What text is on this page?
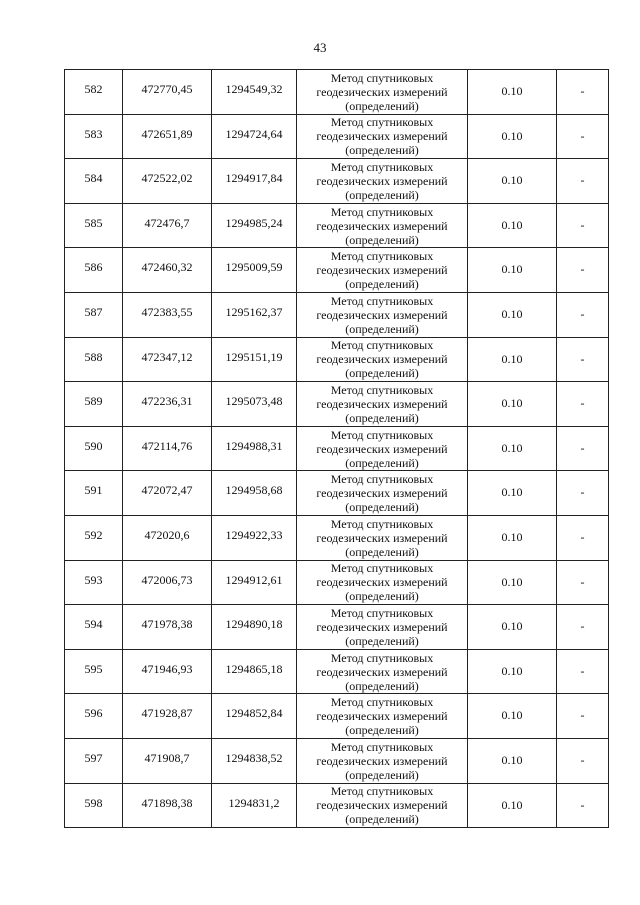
43
582	472770,45	1294549,32	Метод спутниковых
геодезических измерений
(определений)	0.10	-
583	472651,89	1294724,64	Метод спутниковых
геодезических измерений
(определений)	0.10	-
584	472522,02	1294917,84	Метод спутниковых
геодезических измерений
(определений)	0.10	-
585	472476,7	1294985,24	Метод спутниковых
геодезических измерений
(определений)	0.10	-
586	472460,32	1295009,59	Метод спутниковых
геодезических измерений
(определений)	0.10	-
587	472383,55	1295162,37	Метод спутниковых
геодезических измерений
(определений)	0.10	-
588	472347,12	1295151,19	Метод спутниковых
геодезических измерений
(определений)	0.10	-
589	472236,31	1295073,48	Метод спутниковых
геодезических измерений
(определений)	0.10	-
590	472114,76	1294988,31	Метод спутниковых
геодезических измерений
(определений)	0.10	-
591	472072,47	1294958,68	Метод спутниковых
геодезических измерений
(определений)	0.10	-
592	472020,6	1294922,33	Метод спутниковых
геодезических измерений
(определений)	0.10	-
593	472006,73	1294912,61	Метод спутниковых
геодезических измерений
(определений)	0.10	-
594	471978,38	1294890,18	Метод спутниковых
геодезических измерений
(определений)	0.10	-
595	471946,93	1294865,18	Метод спутниковых
геодезических измерений
(определений)	0.10	-
596	471928,87	1294852,84	Метод спутниковых
геодезических измерений
(определений)	0.10	-
597	471908,7	1294838,52	Метод спутниковых
геодезических измерений
(определений)	0.10	-
598	471898,38	1294831,2	Метод спутниковых
геодезических измерений
(определений)	0.10	-
